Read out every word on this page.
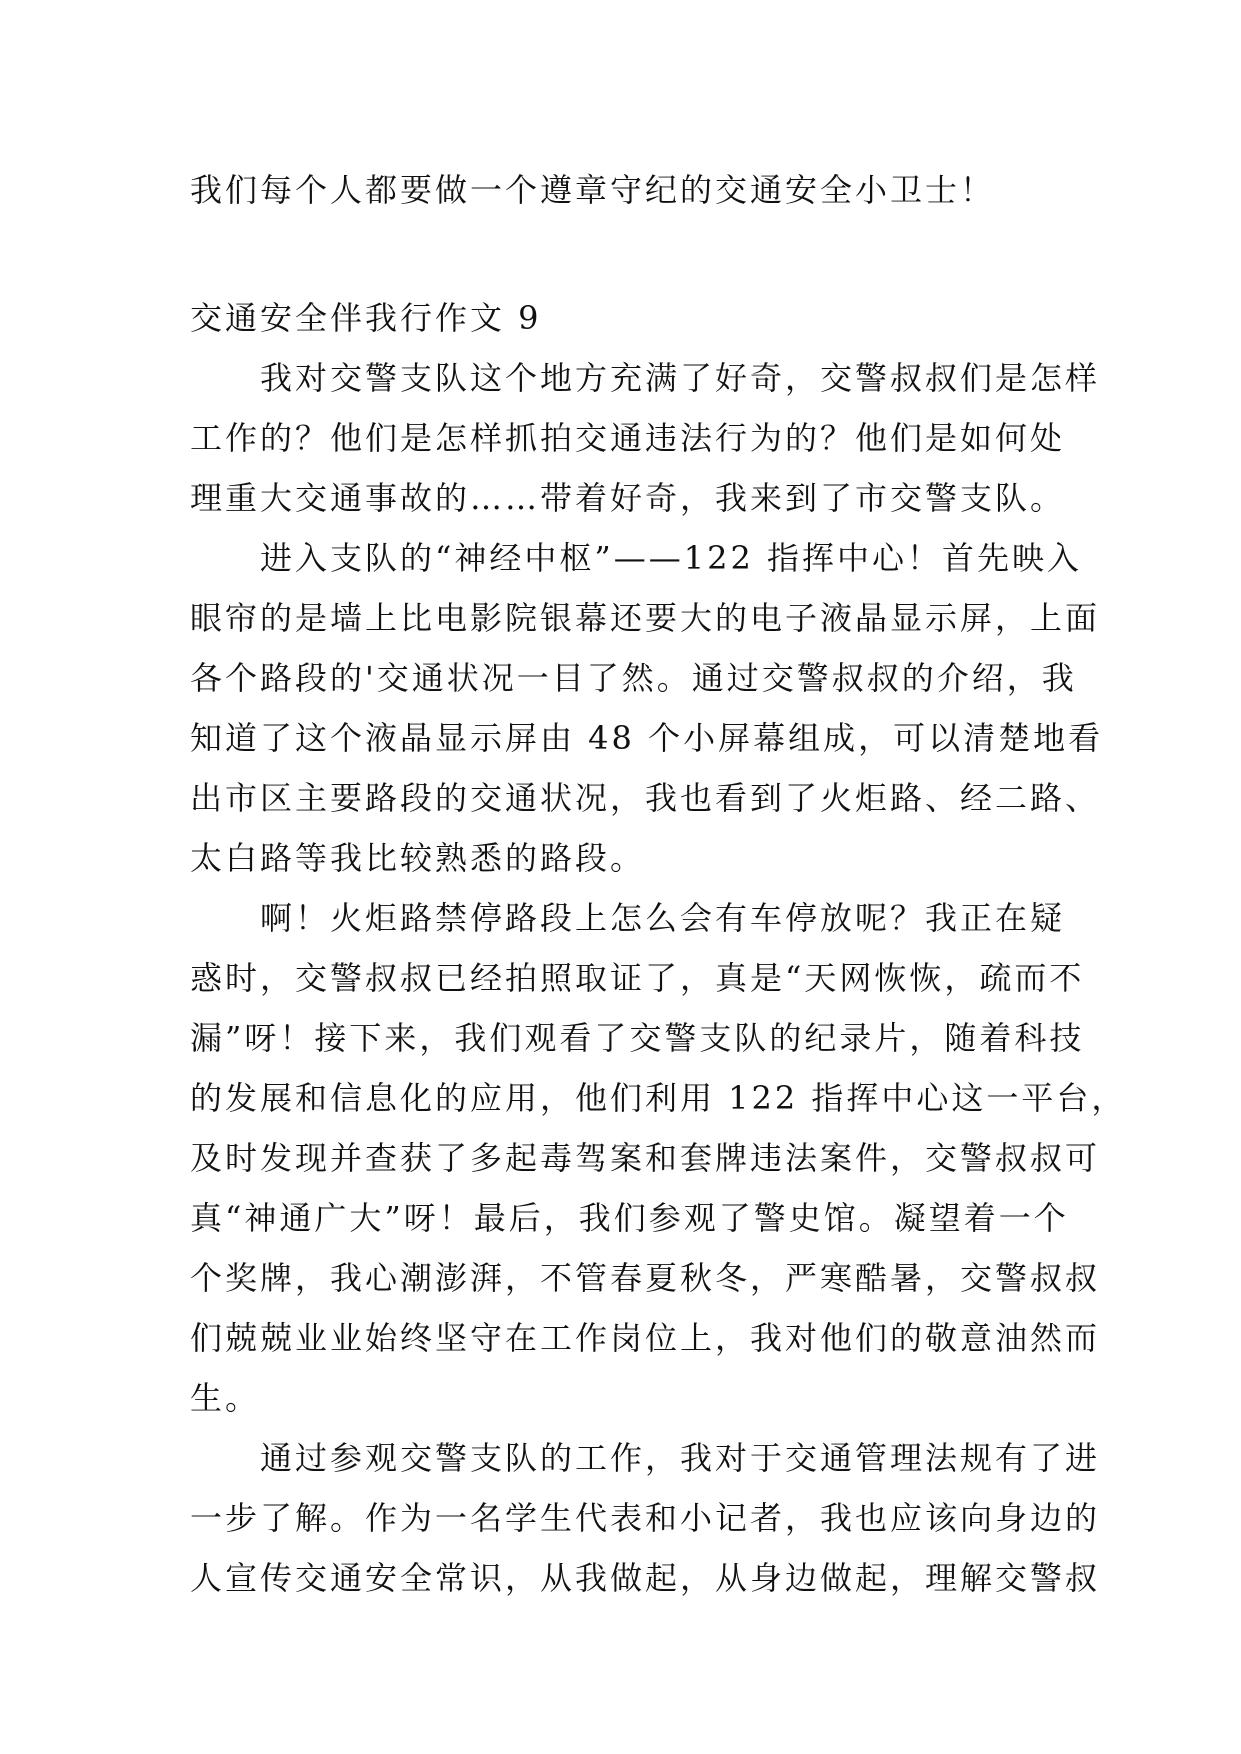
我们每个人都要做一个遵章守纪的交通安全小卫士！
交通安全伴我行作文 9
　　我对交警支队这个地方充满了好奇，交警叔叔们是怎样
工作的？他们是怎样抓拍交通违法行为的？他们是如何处
理重大交通事故的……带着好奇，我来到了市交警支队。
　　进入支队的“神经中枢”——122 指挥中心！首先映入
眼帘的是墙上比电影院银幕还要大的电子液晶显示屏，上面
各个路段的'交通状况一目了然。通过交警叔叔的介绍，我
知道了这个液晶显示屏由 48 个小屏幕组成，可以清楚地看
出市区主要路段的交通状况，我也看到了火炬路、经二路、
太白路等我比较熟悉的路段。
　　啊！火炬路禁停路段上怎么会有车停放呢？我正在疑
惑时，交警叔叔已经拍照取证了，真是“天网恢恢，疏而不
漏”呀！接下来，我们观看了交警支队的纪录片，随着科技
的发展和信息化的应用，他们利用 122 指挥中心这一平台，
及时发现并查获了多起毒驾案和套牌违法案件，交警叔叔可
真“神通广大”呀！最后，我们参观了警史馆。凝望着一个
个奖牌，我心潮澎湃，不管春夏秋冬，严寒酷暑，交警叔叔
们兢兢业业始终坚守在工作岗位上，我对他们的敬意油然而
生。
　　通过参观交警支队的工作，我对于交通管理法规有了进
一步了解。作为一名学生代表和小记者，我也应该向身边的
人宣传交通安全常识，从我做起，从身边做起，理解交警叔
